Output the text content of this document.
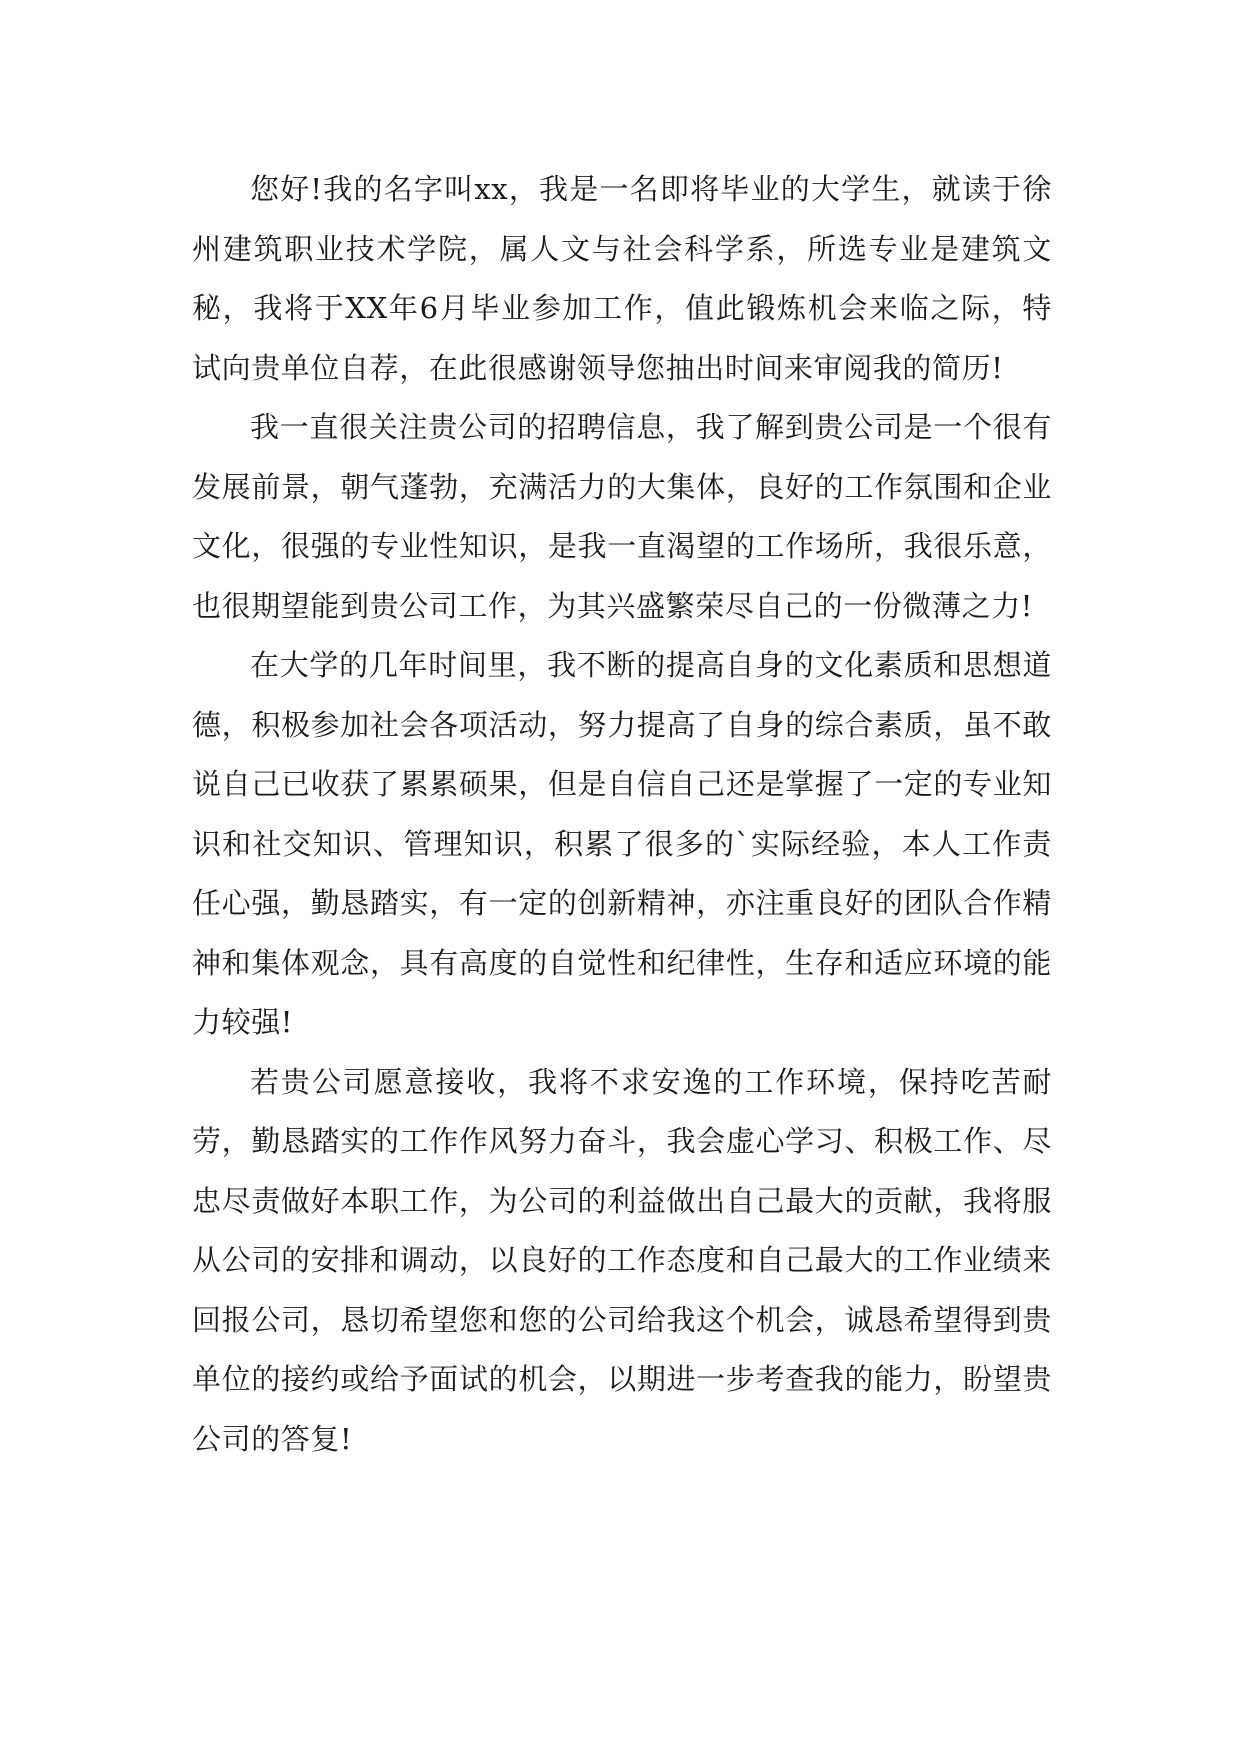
您好!我的名字叫xx，我是一名即将毕业的大学生，就读于徐州建筑职业技术学院，属人文与社会科学系，所选专业是建筑文秘，我将于XX年6月毕业参加工作，值此锻炼机会来临之际，特试向贵单位自荐，在此很感谢领导您抽出时间来审阅我的简历!

我一直很关注贵公司的招聘信息，我了解到贵公司是一个很有发展前景，朝气蓬勃，充满活力的大集体，良好的工作氛围和企业文化，很强的专业性知识，是我一直渴望的工作场所，我很乐意，也很期望能到贵公司工作，为其兴盛繁荣尽自己的一份微薄之力!

在大学的几年时间里，我不断的提高自身的文化素质和思想道德，积极参加社会各项活动，努力提高了自身的综合素质，虽不敢说自己已收获了累累硕果，但是自信自己还是掌握了一定的专业知识和社交知识、管理知识，积累了很多的`实际经验，本人工作责任心强，勤恳踏实，有一定的创新精神，亦注重良好的团队合作精神和集体观念，具有高度的自觉性和纪律性，生存和适应环境的能力较强!

若贵公司愿意接收，我将不求安逸的工作环境，保持吃苦耐劳，勤恳踏实的工作作风努力奋斗，我会虚心学习、积极工作、尽忠尽责做好本职工作，为公司的利益做出自己最大的贡献，我将服从公司的安排和调动，以良好的工作态度和自己最大的工作业绩来回报公司，恳切希望您和您的公司给我这个机会，诚恳希望得到贵单位的接约或给予面试的机会，以期进一步考查我的能力，盼望贵公司的答复!
